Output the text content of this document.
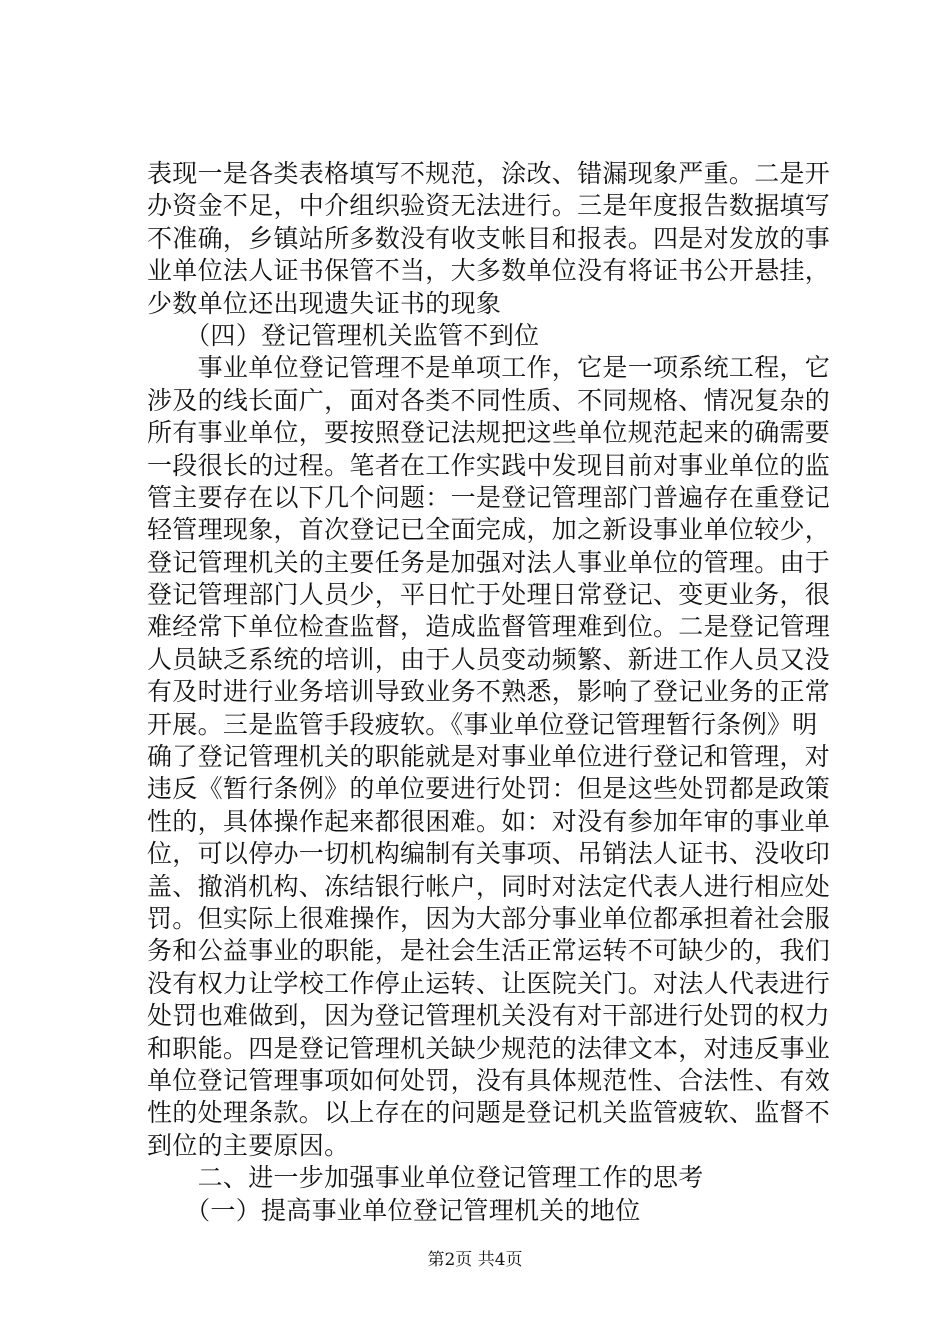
表现一是各类表格填写不规范，涂改、错漏现象严重。二是开
办资金不足，中介组织验资无法进行。三是年度报告数据填写
不准确，乡镇站所多数没有收支帐目和报表。四是对发放的事
业单位法人证书保管不当，大多数单位没有将证书公开悬挂，
少数单位还出现遗失证书的现象
　　（四）登记管理机关监管不到位
　　事业单位登记管理不是单项工作，它是一项系统工程，它
涉及的线长面广，面对各类不同性质、不同规格、情况复杂的
所有事业单位，要按照登记法规把这些单位规范起来的确需要
一段很长的过程。笔者在工作实践中发现目前对事业单位的监
管主要存在以下几个问题：一是登记管理部门普遍存在重登记
轻管理现象，首次登记已全面完成，加之新设事业单位较少，
登记管理机关的主要任务是加强对法人事业单位的管理。由于
登记管理部门人员少，平日忙于处理日常登记、变更业务，很
难经常下单位检查监督，造成监督管理难到位。二是登记管理
人员缺乏系统的培训，由于人员变动频繁、新进工作人员又没
有及时进行业务培训导致业务不熟悉，影响了登记业务的正常
开展。三是监管手段疲软。《事业单位登记管理暂行条例》明
确了登记管理机关的职能就是对事业单位进行登记和管理，对
违反《暂行条例》的单位要进行处罚：但是这些处罚都是政策
性的，具体操作起来都很困难。如：对没有参加年审的事业单
位，可以停办一切机构编制有关事项、吊销法人证书、没收印
盖、撤消机构、冻结银行帐户，同时对法定代表人进行相应处
罚。但实际上很难操作，因为大部分事业单位都承担着社会服
务和公益事业的职能，是社会生活正常运转不可缺少的，我们
没有权力让学校工作停止运转、让医院关门。对法人代表进行
处罚也难做到，因为登记管理机关没有对干部进行处罚的权力
和职能。四是登记管理机关缺少规范的法律文本，对违反事业
单位登记管理事项如何处罚，没有具体规范性、合法性、有效
性的处理条款。以上存在的问题是登记机关监管疲软、监督不
到位的主要原因。
　　二、进一步加强事业单位登记管理工作的思考
　　（一）提高事业单位登记管理机关的地位
第2页 共4页
